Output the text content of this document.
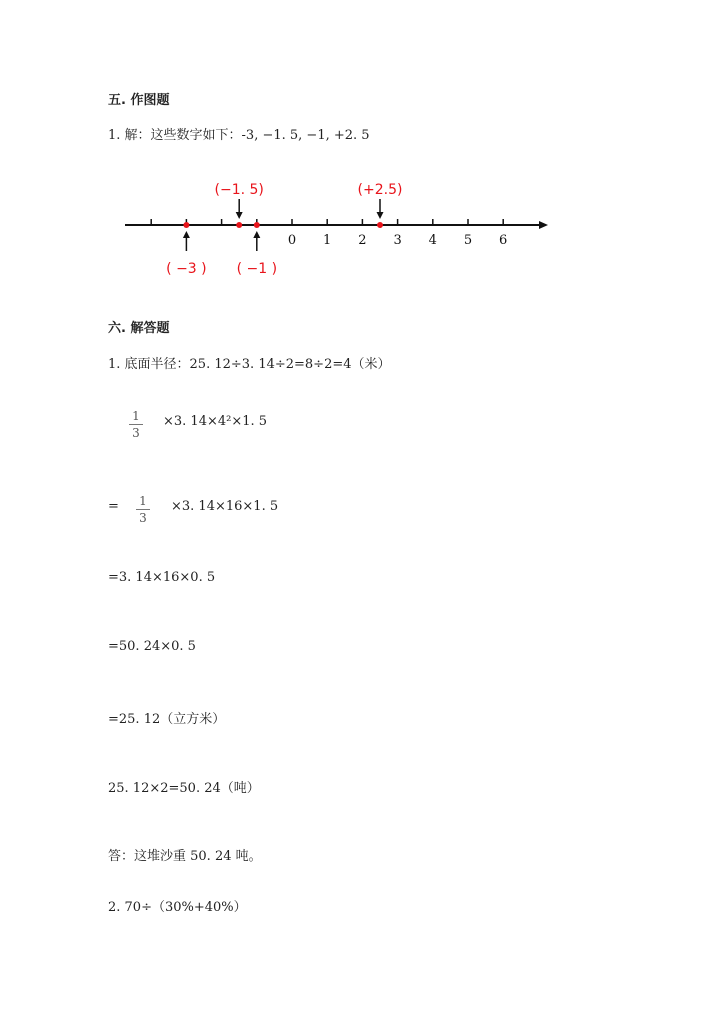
五. 作图题
1. 解：这些数字如下：-3, −1. 5, −1, +2. 5
0 1 2 3 4 5 6
( −3 )
(−1. 5)
( −1 )
(+2.5)
六. 解答题
1. 底面半径：25. 12÷3. 14÷2=8÷2=4（米）
1
3
×3. 14×4²×1. 5
= 1
3
×3. 14×16×1. 5
=3. 14×16×0. 5
=50. 24×0. 5
=25. 12（立方米）
25. 12×2=50. 24（吨）
答：这堆沙重 50. 24 吨。
2. 70÷（30%+40%）
